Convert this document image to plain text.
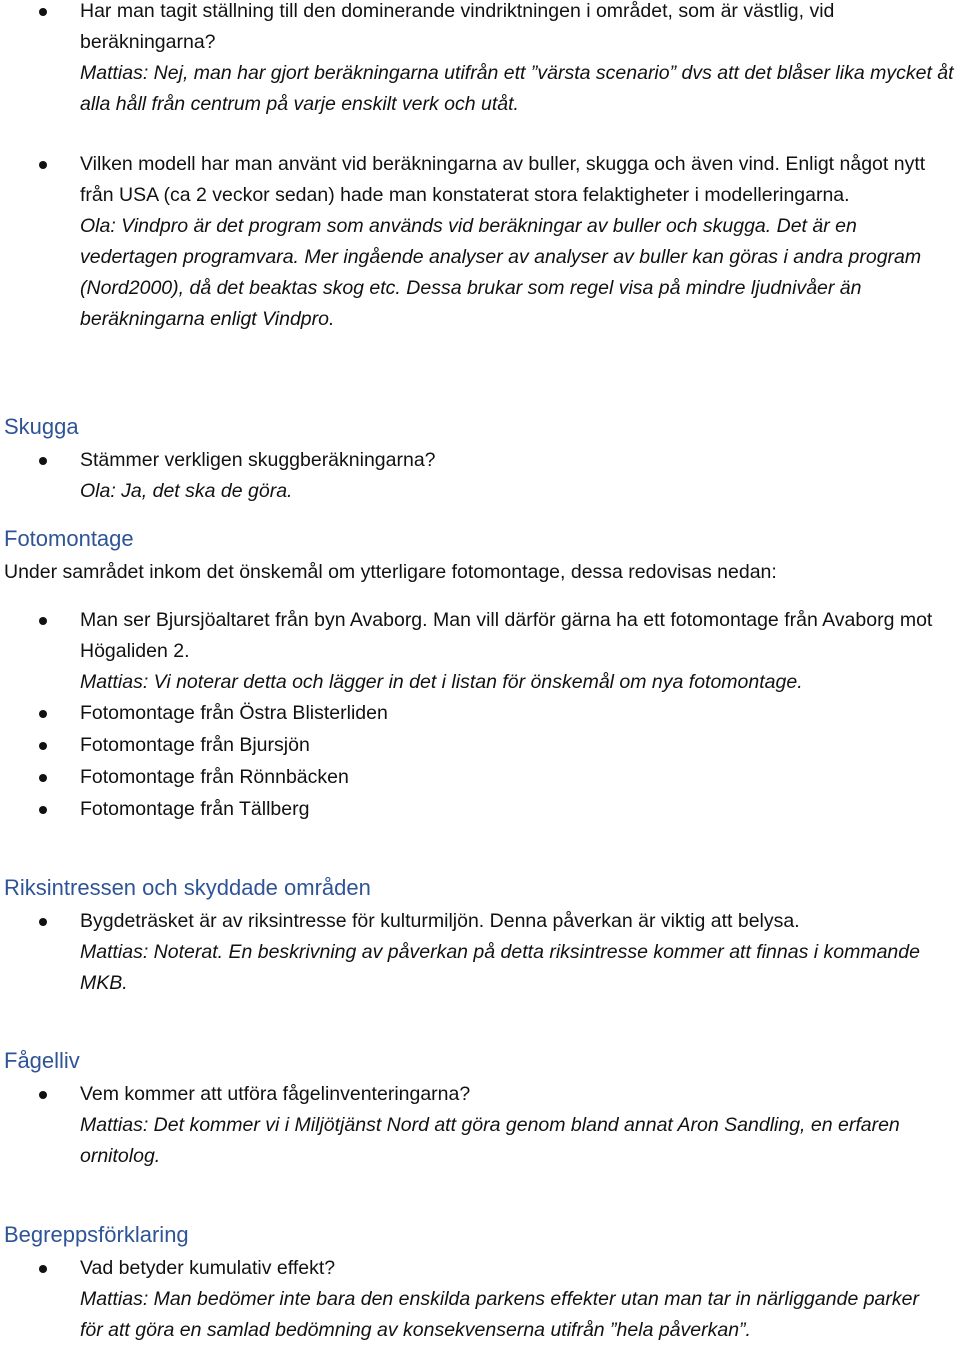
Har man tagit ställning till den dominerande vindriktningen i området, som är västlig, vid beräkningarna?
Mattias: Nej, man har gjort beräkningarna utifrån ett ”värsta scenario” dvs att det blåser lika mycket åt alla håll från centrum på varje enskilt verk och utåt.
Vilken modell har man använt vid beräkningarna av buller, skugga och även vind. Enligt något nytt från USA (ca 2 veckor sedan) hade man konstaterat stora felaktigheter i modelleringarna.
Ola: Vindpro är det program som används vid beräkningar av buller och skugga. Det är en vedertagen programvara. Mer ingående analyser av analyser av buller kan göras i andra program (Nord2000), då det beaktas skog etc. Dessa brukar som regel visa på mindre ljudnivåer än beräkningarna enligt Vindpro.
Skugga
Stämmer verkligen skuggberäkningarna?
Ola: Ja, det ska de göra.
Fotomontage

Under samrådet inkom det önskemål om ytterligare fotomontage, dessa redovisas nedan:

Man ser Bjursjöaltaret från byn Avaborg. Man vill därför gärna ha ett fotomontage från Avaborg mot Högaliden 2.
Mattias: Vi noterar detta och lägger in det i listan för önskemål om nya fotomontage.
Fotomontage från Östra Blisterliden
Fotomontage från Bjursjön
Fotomontage från Rönnbäcken
Fotomontage från Tällberg
Riksintressen och skyddade områden
Bygdeträsket är av riksintresse för kulturmiljön. Denna påverkan är viktig att belysa.
Mattias: Noterat. En beskrivning av påverkan på detta riksintresse kommer att finnas i kommande MKB.
Fågelliv
Vem kommer att utföra fågelinventeringarna?
Mattias: Det kommer vi i Miljötjänst Nord att göra genom bland annat Aron Sandling, en erfaren ornitolog.
Begreppsförklaring
Vad betyder kumulativ effekt?
Mattias: Man bedömer inte bara den enskilda parkens effekter utan man tar in närliggande parker för att göra en samlad bedömning av konsekvenserna utifrån ”hela påverkan”.
